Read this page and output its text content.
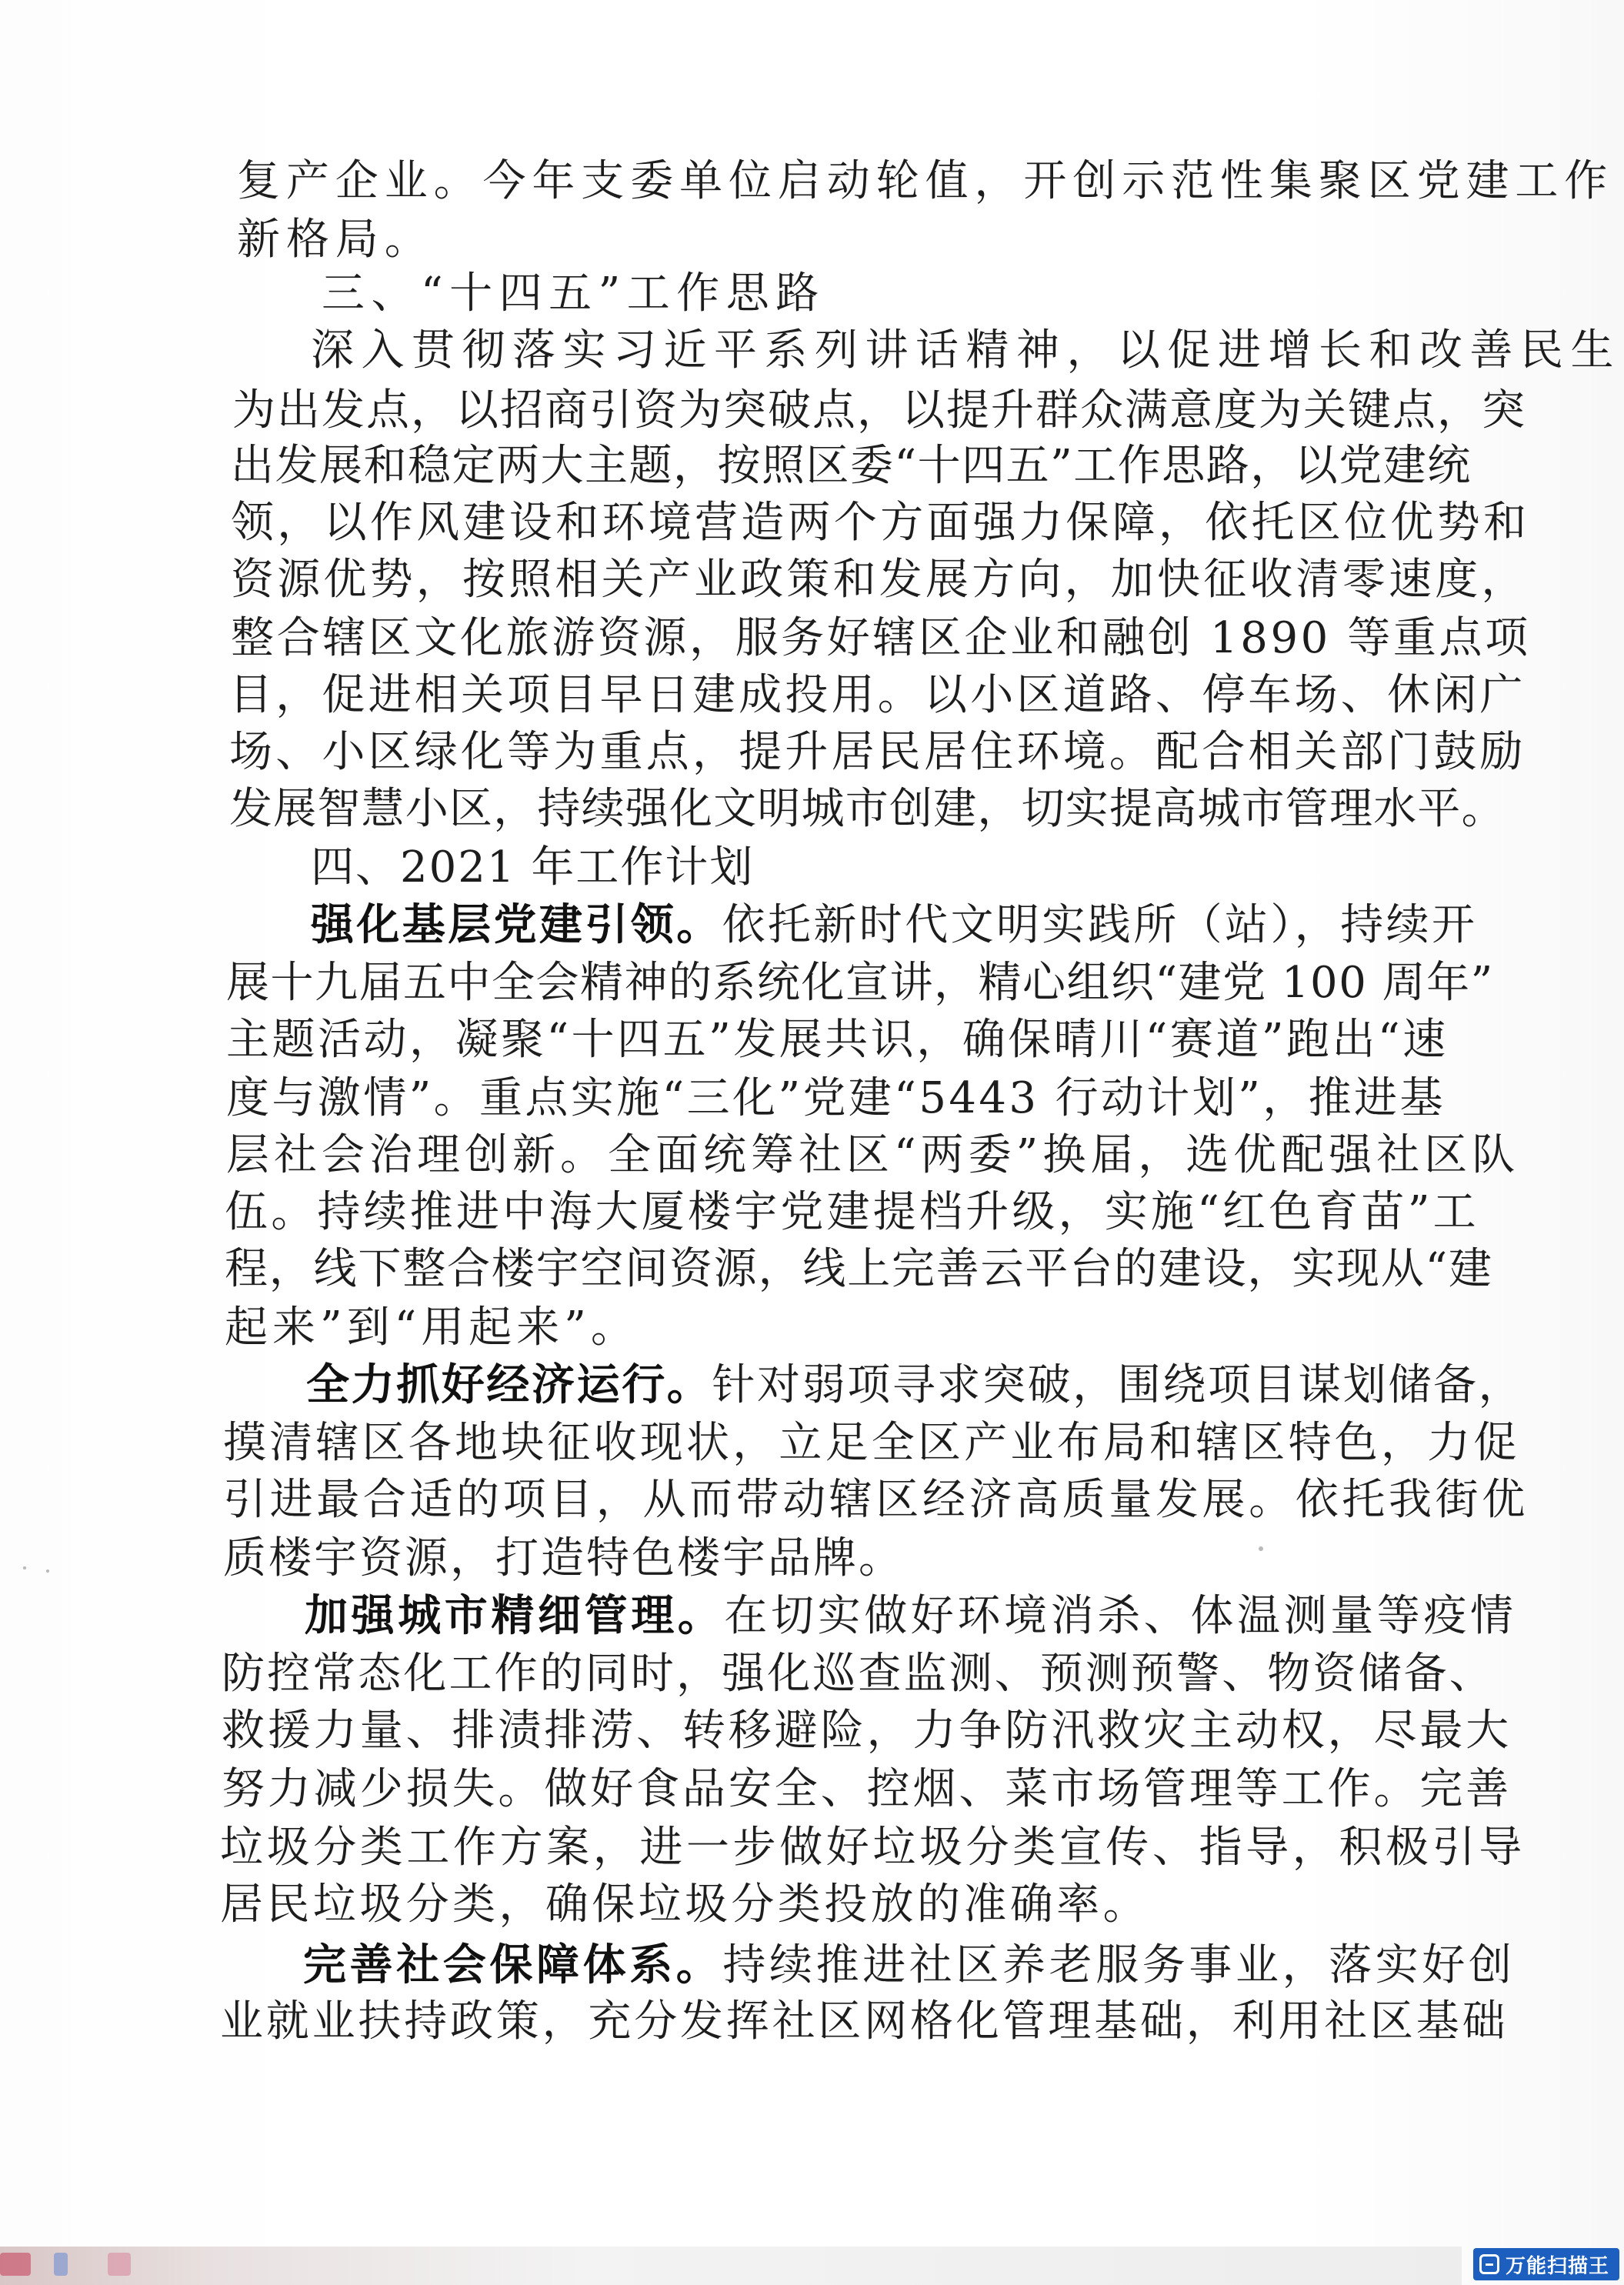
复产企业。今年支委单位启动轮值，开创示范性集聚区党建工作
新格局。
三、“十四五”工作思路
深入贯彻落实习近平系列讲话精神，以促进增长和改善民生
为出发点，以招商引资为突破点，以提升群众满意度为关键点，突
出发展和稳定两大主题，按照区委“十四五”工作思路，以党建统
领，以作风建设和环境营造两个方面强力保障，依托区位优势和
资源优势，按照相关产业政策和发展方向，加快征收清零速度，
整合辖区文化旅游资源，服务好辖区企业和融创 1890 等重点项
目，促进相关项目早日建成投用。以小区道路、停车场、休闲广
场、小区绿化等为重点，提升居民居住环境。配合相关部门鼓励
发展智慧小区，持续强化文明城市创建，切实提高城市管理水平。
四、2021 年工作计划
强化基层党建引领。依托新时代文明实践所（站），持续开
展十九届五中全会精神的系统化宣讲，精心组织“建党 100 周年”
主题活动，凝聚“十四五”发展共识，确保晴川“赛道”跑出“速
度与激情”。重点实施“三化”党建“5443 行动计划”，推进基
层社会治理创新。全面统筹社区“两委”换届，选优配强社区队
伍。持续推进中海大厦楼宇党建提档升级，实施“红色育苗”工
程，线下整合楼宇空间资源，线上完善云平台的建设，实现从“建
起来”到“用起来”。
全力抓好经济运行。针对弱项寻求突破，围绕项目谋划储备，
摸清辖区各地块征收现状，立足全区产业布局和辖区特色，力促
引进最合适的项目，从而带动辖区经济高质量发展。依托我街优
质楼宇资源，打造特色楼宇品牌。
加强城市精细管理。在切实做好环境消杀、体温测量等疫情
防控常态化工作的同时，强化巡查监测、预测预警、物资储备、
救援力量、排渍排涝、转移避险，力争防汛救灾主动权，尽最大
努力减少损失。做好食品安全、控烟、菜市场管理等工作。完善
垃圾分类工作方案，进一步做好垃圾分类宣传、指导，积极引导
居民垃圾分类，确保垃圾分类投放的准确率。
完善社会保障体系。持续推进社区养老服务事业，落实好创
业就业扶持政策，充分发挥社区网格化管理基础，利用社区基础
万能扫描王
